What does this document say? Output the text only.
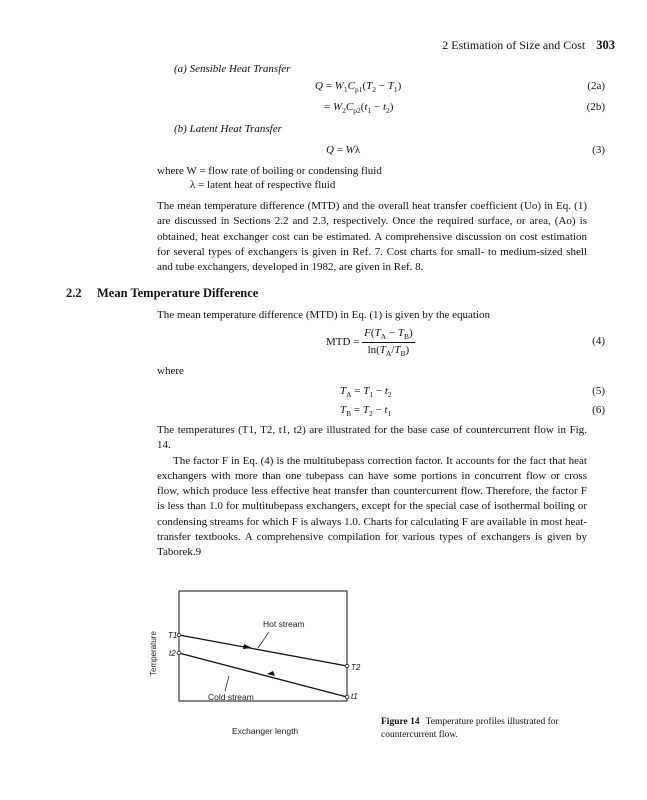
2 Estimation of Size and Cost 303
(a) Sensible Heat Transfer
$Q = W_1C_{p1}(T_2 - T_1)$	(2a)
= $W_2C_{p2}(t_1 - t_2)$	(2b)
(b) Latent Heat Transfer
Q = Wλ	(3)
where W = flow rate of boiling or condensing fluid
λ = latent heat of respective fluid

The mean temperature difference (MTD) and the overall heat transfer coefficient (Uo) in Eq. (1) are discussed in Sections 2.2 and 2.3, respectively. Once the required surface, or area, (Ao) is obtained, heat exchanger cost can be estimated. A comprehensive discussion on cost estimation for several types of exchangers is given in Ref. 7. Cost charts for small- to medium-sized shell and tube exchangers, developed in 1982, are given in Ref. 8.

2.2 Mean Temperature Difference

The mean temperature difference (MTD) in Eq. (1) is given by the equation

MTD = $\frac{F(T_A - T_B)}{\ln(T_A/T_B)}$	(4)
where
$T_A = T_1 - t_2$	(5)
$T_B = T_2 - t_1$	(6)

The temperatures (T1, T2, t1, t2) are illustrated for the base case of countercurrent flow in Fig. 14.

The factor F in Eq. (4) is the multitubepass correction factor. It accounts for the fact that heat exchangers with more than one tubepass can have some portions in concurrent flow or cross flow, which produce less effective heat transfer than countercurrent flow. Therefore, the factor F is less than 1.0 for multitubepass exchangers, except for the special case of isothermal boiling or condensing streams for which F is always 1.0. Charts for calculating F are available in most heat-transfer textbooks. A comprehensive compilation for various types of exchangers is given by Taborek.9

Hot stream
Cold stream
Temperature
Exchanger length
T1
t2
T2
t1
Figure 14 Temperature profiles illustrated for countercurrent flow.
